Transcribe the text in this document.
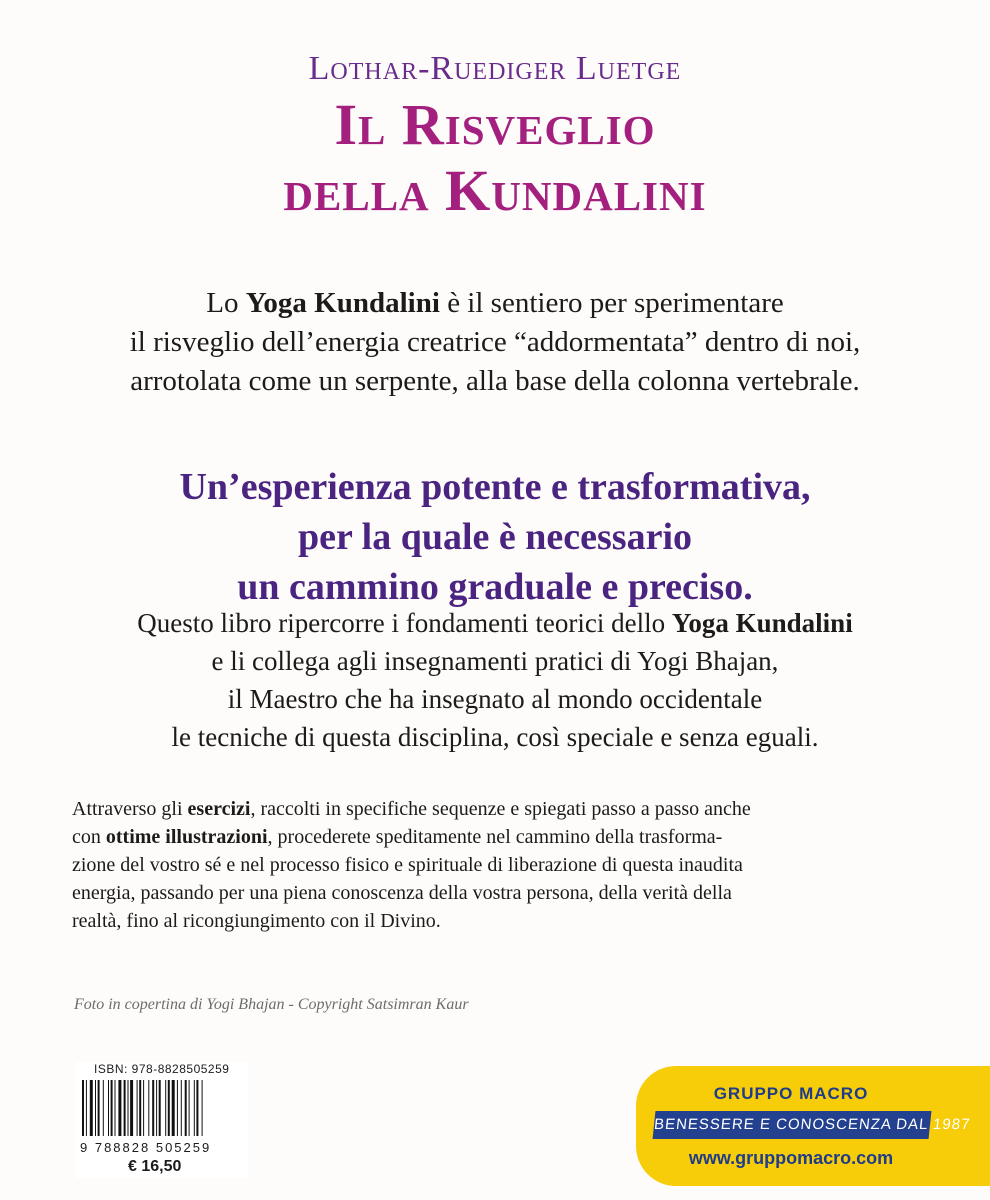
Lothar-Ruediger Luetge
Il Risveglio
della Kundalini
Lo Yoga Kundalini è il sentiero per sperimentare
il risveglio dell’energia creatrice “addormentata” dentro di noi,
arrotolata come un serpente, alla base della colonna vertebrale.
Un’esperienza potente e trasformativa,
per la quale è necessario
un cammino graduale e preciso.
Questo libro ripercorre i fondamenti teorici dello Yoga Kundalini
e li collega agli insegnamenti pratici di Yogi Bhajan,
il Maestro che ha insegnato al mondo occidentale
le tecniche di questa disciplina, così speciale e senza eguali.
Attraverso gli esercizi, raccolti in specifiche sequenze e spiegati passo a passo anche
con ottime illustrazioni, procederete speditamente nel cammino della trasforma-
zione del vostro sé e nel processo fisico e spirituale di liberazione di questa inaudita
energia, passando per una piena conoscenza della vostra persona, della verità della
realtà, fino al ricongiungimento con il Divino.
Foto in copertina di Yogi Bhajan - Copyright Satsimran Kaur
ISBN: 978-8828505259
9 788828 505259
€ 16,50
GRUPPO MACRO
BENESSERE E CONOSCENZA DAL 1987
www.gruppomacro.com
